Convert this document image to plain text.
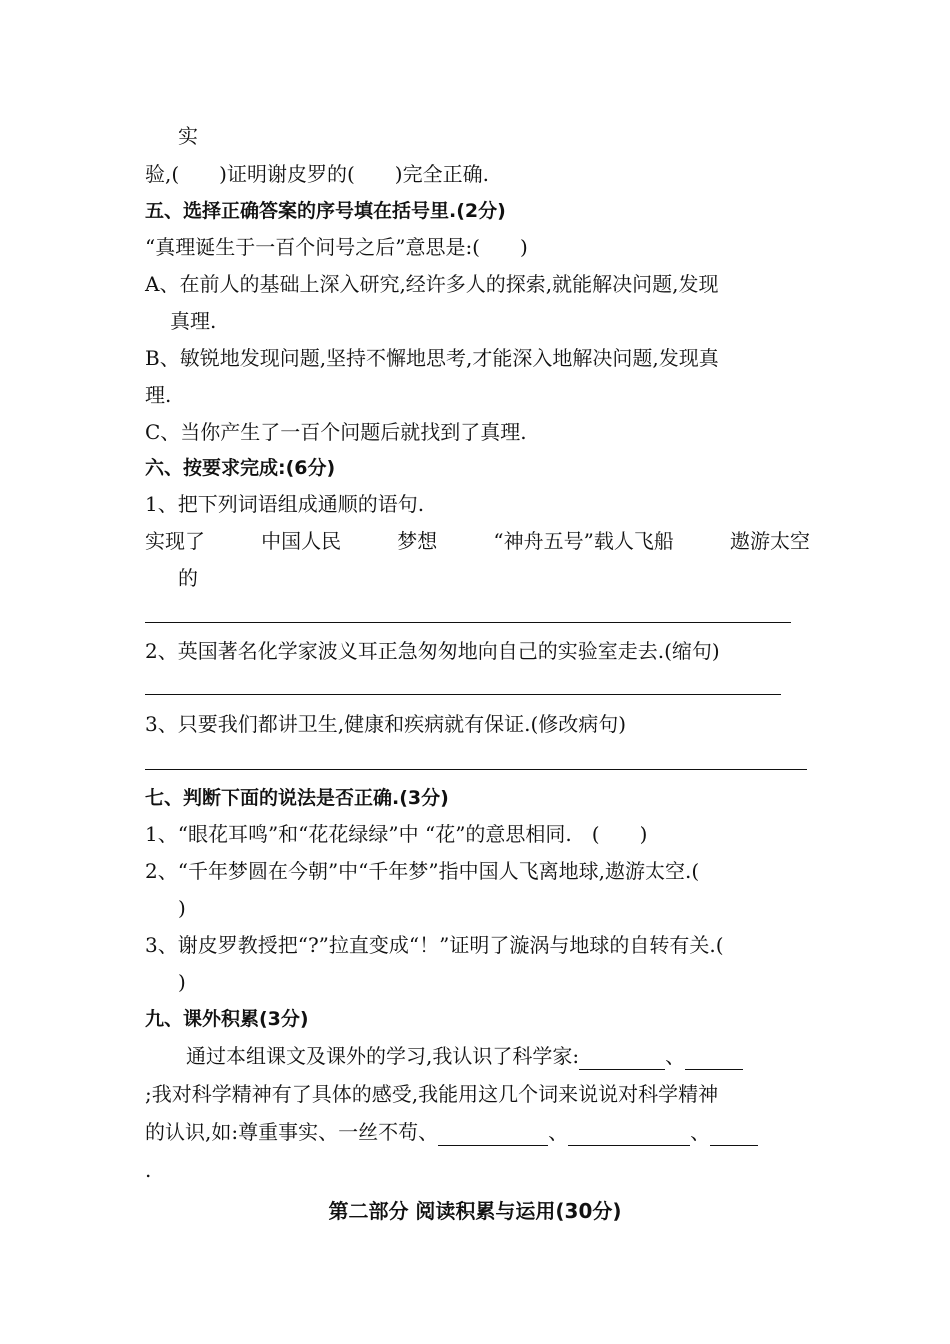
实
验,(　　)证明谢皮罗的(　　)完全正确.
五、选择正确答案的序号填在括号里.(2分)
“真理诞生于一百个问号之后”意思是:(　　)
A、在前人的基础上深入研究,经许多人的探索,就能解决问题,发现
真理.
B、敏锐地发现问题,坚持不懈地思考,才能深入地解决问题,发现真
理.
C、当你产生了一百个问题后就找到了真理.
六、按要求完成:(6分)
1、把下列词语组成通顺的语句.
实现了	中国人民	梦想	“神舟五号”载人飞船	遨游太空
的
2、英国著名化学家波义耳正急匆匆地向自己的实验室走去.(缩句)
3、只要我们都讲卫生,健康和疾病就有保证.(修改病句)
七、判断下面的说法是否正确.(3分)
1、“眼花耳鸣”和“花花绿绿”中 “花”的意思相同.　(　　)
2、“千年梦圆在今朝”中“千年梦”指中国人飞离地球,遨游太空.(
)
3、谢皮罗教授把“?”拉直变成“！”证明了漩涡与地球的自转有关.(
)
九、课外积累(3分)
通过本组课文及课外的学习,我认识了科学家:	、
;我对科学精神有了具体的感受,我能用这几个词来说说对科学精神
的认识,如:尊重事实、一丝不苟、	、	、
.
第二部分 阅读积累与运用(30分)
